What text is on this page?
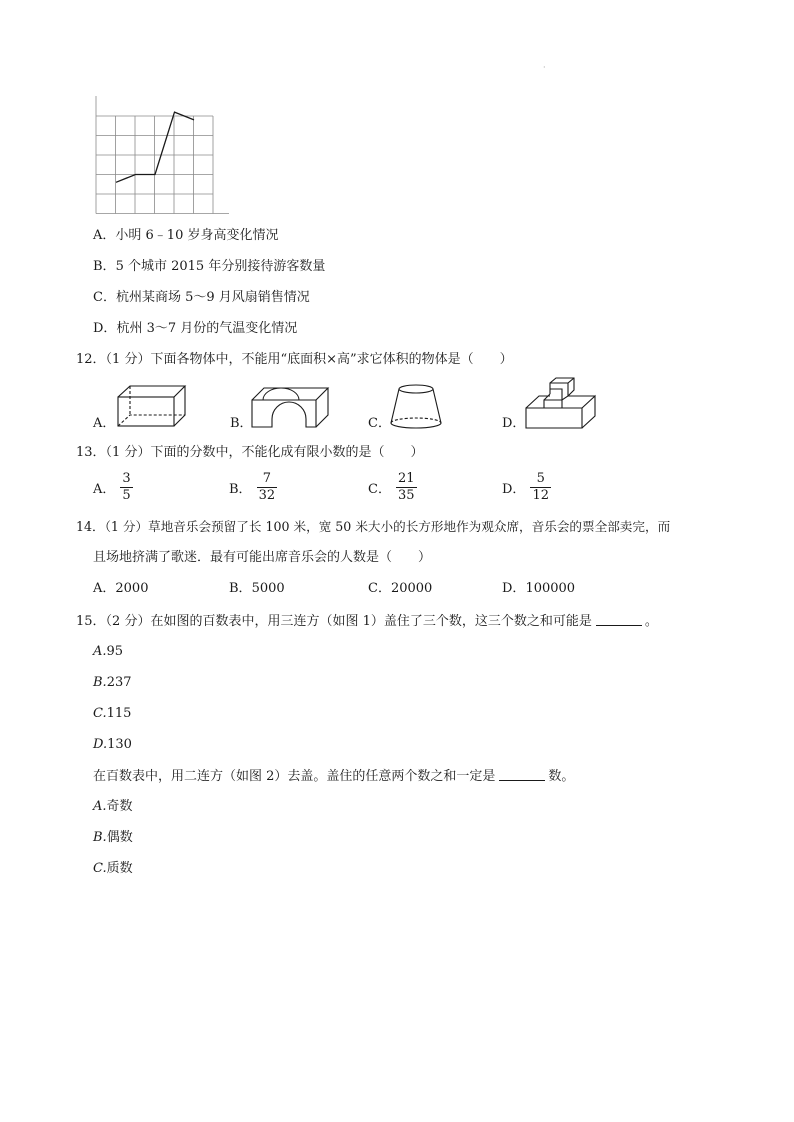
·
A．小明 6﹣10 岁身高变化情况
B．5 个城市 2015 年分别接待游客数量
C．杭州某商场 5～9 月风扇销售情况
D．杭州 3～7 月份的气温变化情况
12．（1 分）下面各物体中，不能用“底面积×高”求它体积的物体是（　　）
A．	B．	C．	D．
13．（1 分）下面的分数中，不能化成有限小数的是（　　）
A． $\frac{3}{5}$	B． $\frac{7}{32}$	C． $\frac{21}{35}$	D． $\frac{5}{12}$
14．（1 分）草地音乐会预留了长 100 米，宽 50 米大小的长方形地作为观众席，音乐会的票全部卖完，而
且场地挤满了歌迷．最有可能出席音乐会的人数是（　　）
A．2000	B．5000	C．20000	D．100000
15．（2 分）在如图的百数表中，用三连方（如图 1）盖住了三个数，这三个数之和可能是	。
A.95
B.237
C.115
D.130
在百数表中，用二连方（如图 2）去盖。盖住的任意两个数之和一定是	数。
A.奇数
B.偶数
C.质数
